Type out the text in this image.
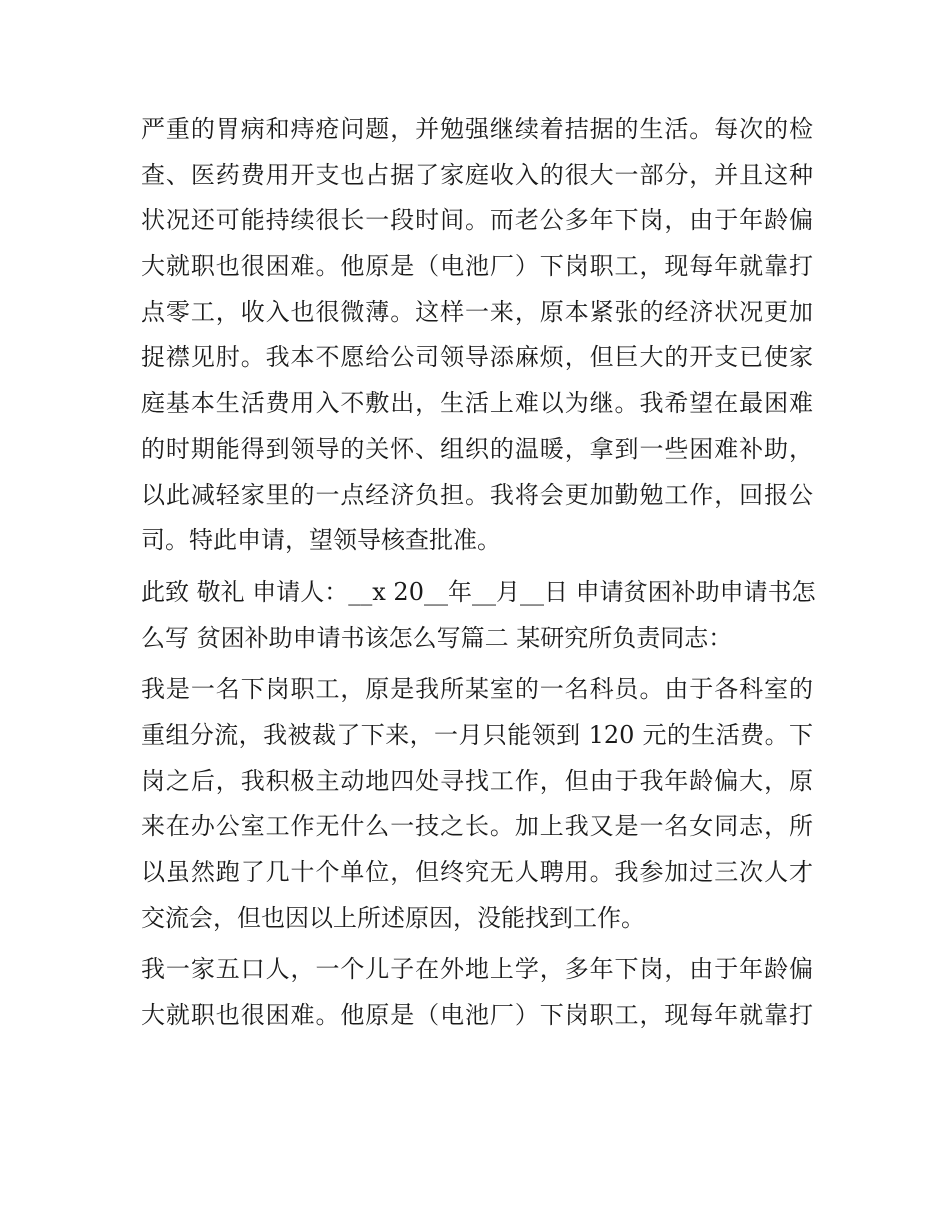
严重的胃病和痔疮问题，并勉强继续着拮据的生活。每次的检
查、医药费用开支也占据了家庭收入的很大一部分，并且这种
状况还可能持续很长一段时间。而老公多年下岗，由于年龄偏
大就职也很困难。他原是（电池厂）下岗职工，现每年就靠打
点零工，收入也很微薄。这样一来，原本紧张的经济状况更加
捉襟见肘。我本不愿给公司领导添麻烦，但巨大的开支已使家
庭基本生活费用入不敷出，生活上难以为继。我希望在最困难
的时期能得到领导的关怀、组织的温暖，拿到一些困难补助，
以此减轻家里的一点经济负担。我将会更加勤勉工作，回报公
司。特此申请，望领导核查批准。
此致 敬礼 申请人：__x 20__年__月__日 申请贫困补助申请书怎
么写 贫困补助申请书该怎么写篇二 某研究所负责同志：
我是一名下岗职工，原是我所某室的一名科员。由于各科室的
重组分流，我被裁了下来，一月只能领到 120 元的生活费。下
岗之后，我积极主动地四处寻找工作，但由于我年龄偏大，原
来在办公室工作无什么一技之长。加上我又是一名女同志，所
以虽然跑了几十个单位，但终究无人聘用。我参加过三次人才
交流会，但也因以上所述原因，没能找到工作。
我一家五口人，一个儿子在外地上学，多年下岗，由于年龄偏
大就职也很困难。他原是（电池厂）下岗职工，现每年就靠打
